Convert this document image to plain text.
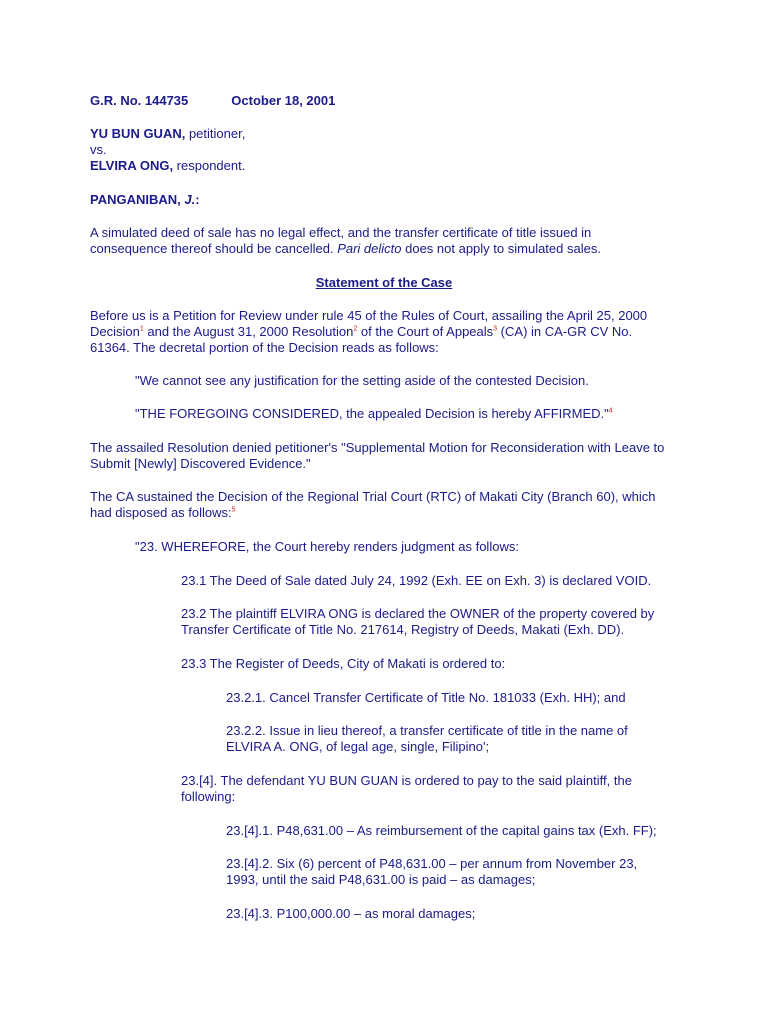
G.R. No. 144735	October 18, 2001
YU BUN GUAN, petitioner,
vs.
ELVIRA ONG, respondent.
PANGANIBAN, J.:
A simulated deed of sale has no legal effect, and the transfer certificate of title issued in
consequence thereof should be cancelled. Pari delicto does not apply to simulated sales.
Statement of the Case
Before us is a Petition for Review under rule 45 of the Rules of Court, assailing the April 25, 2000
Decision$^1$ and the August 31, 2000 Resolution$^2$ of the Court of Appeals$^3$ (CA) in CA-GR CV No.
61364. The decretal portion of the Decision reads as follows:
"We cannot see any justification for the setting aside of the contested Decision.
"THE FOREGOING CONSIDERED, the appealed Decision is hereby AFFIRMED."$^4$
The assailed Resolution denied petitioner's "Supplemental Motion for Reconsideration with Leave to
Submit [Newly] Discovered Evidence."
The CA sustained the Decision of the Regional Trial Court (RTC) of Makati City (Branch 60), which
had disposed as follows:$^5$
"23. WHEREFORE, the Court hereby renders judgment as follows:
23.1 The Deed of Sale dated July 24, 1992 (Exh. EE on Exh. 3) is declared VOID.
23.2 The plaintiff ELVIRA ONG is declared the OWNER of the property covered by
Transfer Certificate of Title No. 217614, Registry of Deeds, Makati (Exh. DD).
23.3 The Register of Deeds, City of Makati is ordered to:
23.2.1. Cancel Transfer Certificate of Title No. 181033 (Exh. HH); and
23.2.2. Issue in lieu thereof, a transfer certificate of title in the name of
ELVIRA A. ONG, of legal age, single, Filipino';
23.[4]. The defendant YU BUN GUAN is ordered to pay to the said plaintiff, the
following:
23.[4].1. P48,631.00 – As reimbursement of the capital gains tax (Exh. FF);
23.[4].2. Six (6) percent of P48,631.00 – per annum from November 23,
1993, until the said P48,631.00 is paid – as damages;
23.[4].3. P100,000.00 – as moral damages;
